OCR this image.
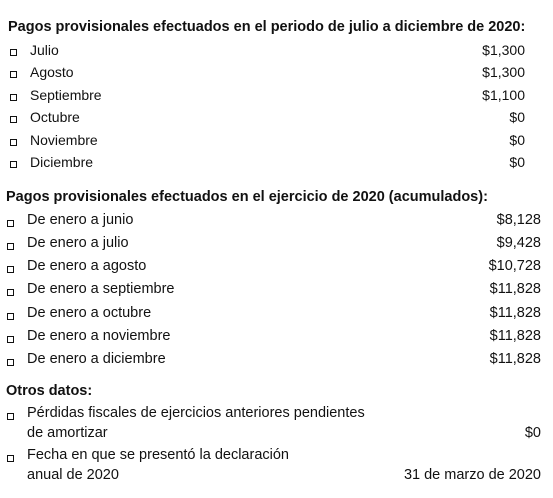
Pagos provisionales efectuados en el periodo de julio a diciembre de 2020:
Julio	$1,300
Agosto	$1,300
Septiembre	$1,100
Octubre	$0
Noviembre	$0
Diciembre	$0
Pagos provisionales efectuados en el ejercicio de 2020 (acumulados):
De enero a junio	$8,128
De enero a julio	$9,428
De enero a agosto	$10,728
De enero a septiembre	$11,828
De enero a octubre	$11,828
De enero a noviembre	$11,828
De enero a diciembre	$11,828
Otros datos:
Pérdidas fiscales de ejercicios anteriores pendientes
de amortizar	$0
Fecha en que se presentó la declaración
anual de 2020	31 de marzo de 2020
